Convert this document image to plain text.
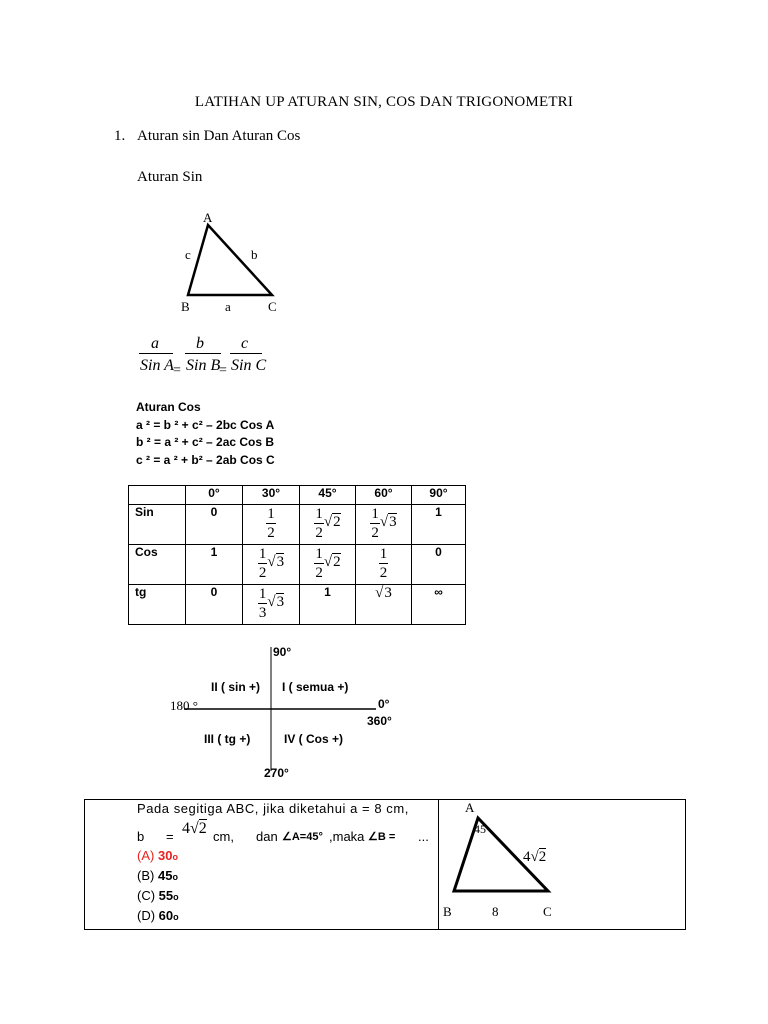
LATIHAN UP ATURAN SIN, COS DAN TRIGONOMETRI
1. Aturan sin Dan Aturan Cos
Aturan Sin
A
c	b
B	a	C
a
Sin A =
b
Sin B
=
c
Sin C
Aturan Cos
a ² = b ² + c² – 2bc Cos A
b ² = a ² + c² – 2ac Cos B
c ² = a ² + b² – 2ab Cos C
	0°	30°	45°	60°	90°
Sin	0	$\frac{1}{2}$	$\frac{1}{2} √2$	$\frac{1}{2} √3$	1
Cos	1	$\frac{1}{2} √3$	$\frac{1}{2} √2$	$\frac{1}{2}$	0
tg	0	$\frac{1}{3} √3$	1	√3	∞
90°
II ( sin +) I ( semua +)
180 °	0°
360°
III ( tg +)	IV ( Cos +)
270°
Pada segitiga ABC, jika diketahui a = 8 cm,
b = 4√2 cm, dan ∠A=45° ,maka ∠B = ...
(A) 30o
(B) 45o
(C) 55o
(D) 60o
A
45
4√2
B	8	C
